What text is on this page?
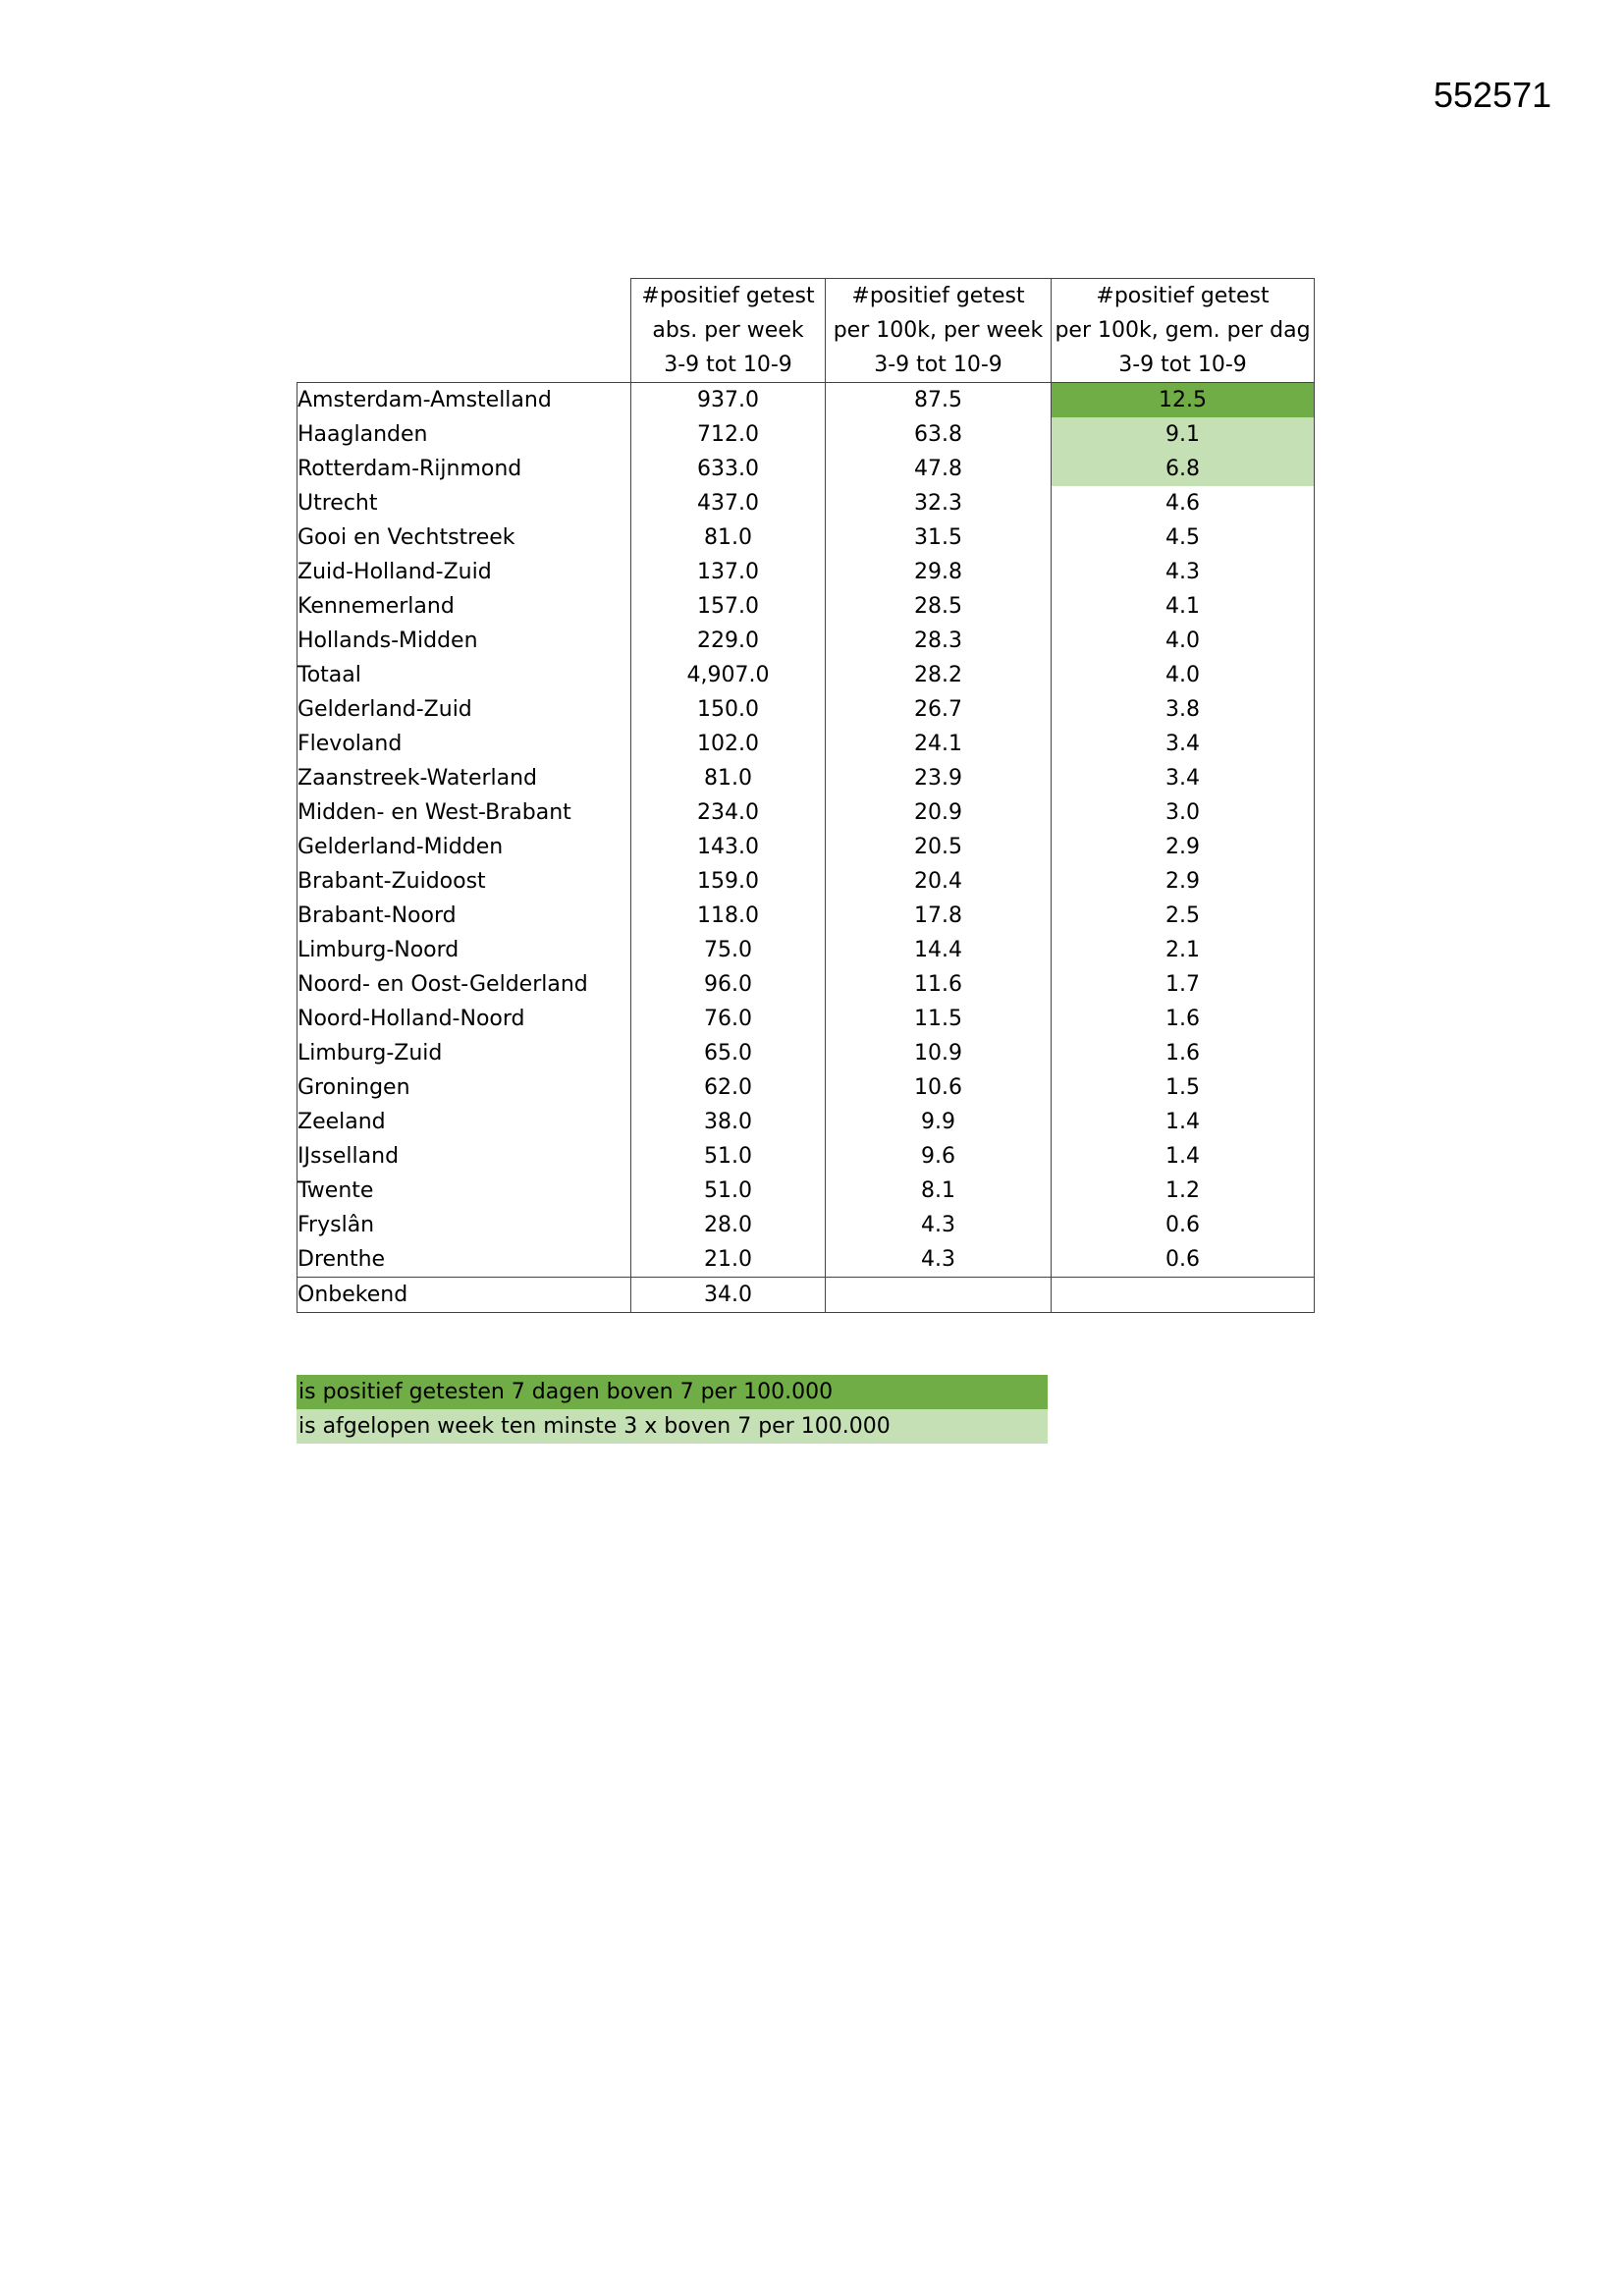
552571
	#positief getest	#positief getest	#positief getest
	abs. per week	per 100k, per week	per 100k, gem. per dag
	3-9 tot 10-9	3-9 tot 10-9	3-9 tot 10-9
Amsterdam-Amstelland	937.0	87.5	12.5
Haaglanden	712.0	63.8	9.1
Rotterdam-Rijnmond	633.0	47.8	6.8
Utrecht	437.0	32.3	4.6
Gooi en Vechtstreek	81.0	31.5	4.5
Zuid-Holland-Zuid	137.0	29.8	4.3
Kennemerland	157.0	28.5	4.1
Hollands-Midden	229.0	28.3	4.0
Totaal	4,907.0	28.2	4.0
Gelderland-Zuid	150.0	26.7	3.8
Flevoland	102.0	24.1	3.4
Zaanstreek-Waterland	81.0	23.9	3.4
Midden- en West-Brabant	234.0	20.9	3.0
Gelderland-Midden	143.0	20.5	2.9
Brabant-Zuidoost	159.0	20.4	2.9
Brabant-Noord	118.0	17.8	2.5
Limburg-Noord	75.0	14.4	2.1
Noord- en Oost-Gelderland	96.0	11.6	1.7
Noord-Holland-Noord	76.0	11.5	1.6
Limburg-Zuid	65.0	10.9	1.6
Groningen	62.0	10.6	1.5
Zeeland	38.0	9.9	1.4
IJsselland	51.0	9.6	1.4
Twente	51.0	8.1	1.2
Fryslân	28.0	4.3	0.6
Drenthe	21.0	4.3	0.6
Onbekend	34.0		
is positief getesten 7 dagen boven 7 per 100.000
is afgelopen week ten minste 3 x boven 7 per 100.000
